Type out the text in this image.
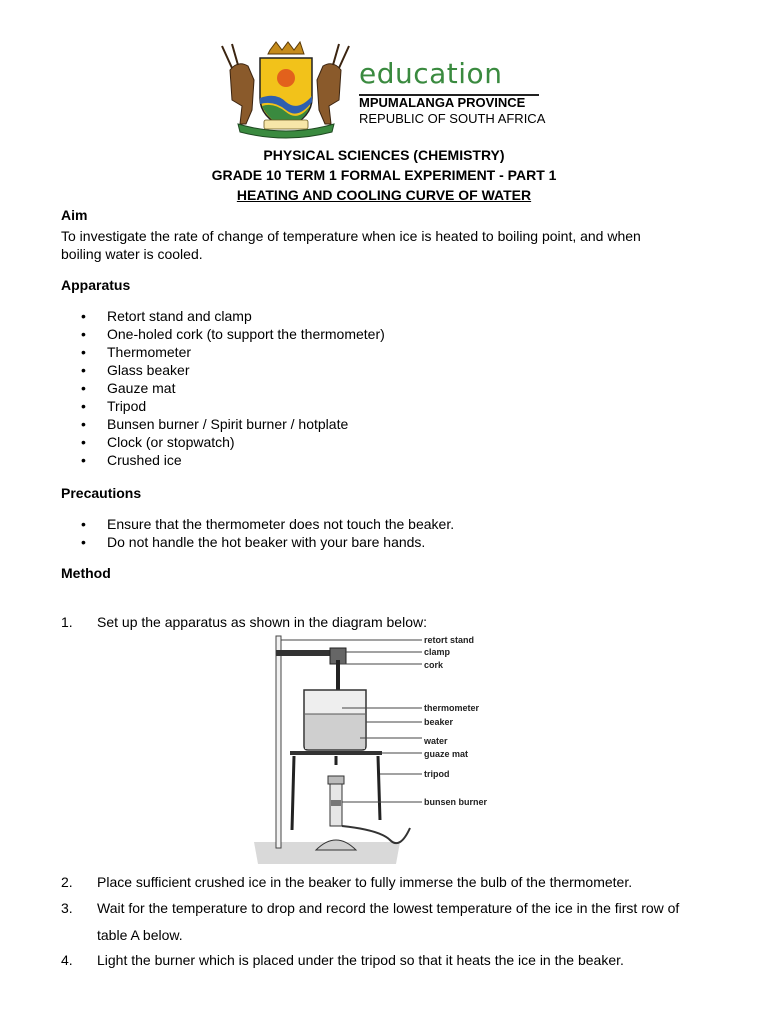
education
MPUMALANGA PROVINCE
REPUBLIC OF SOUTH AFRICA
PHYSICAL SCIENCES (CHEMISTRY)
GRADE 10 TERM 1 FORMAL EXPERIMENT - PART 1
HEATING AND COOLING CURVE OF WATER
Aim
To investigate the rate of change of temperature when ice is heated to boiling point, and when boiling water is cooled.
Apparatus
• Retort stand and clamp
• One-holed cork (to support the thermometer)
• Thermometer
• Glass beaker
• Gauze mat
• Tripod
• Bunsen burner / Spirit burner / hotplate
• Clock (or stopwatch)
• Crushed ice
Precautions
• Ensure that the thermometer does not touch the beaker.
• Do not handle the hot beaker with your bare hands.
Method
1.	Set up the apparatus as shown in the diagram below:
2.	Place sufficient crushed ice in the beaker to fully immerse the bulb of the thermometer.
3.	Wait for the temperature to drop and record the lowest temperature of the ice in the first row of table A below.
4.	Light the burner which is placed under the tripod so that it heats the ice in the beaker.
retort stand
clamp
cork
thermometer
beaker
water
guaze mat
tripod
bunsen burner
